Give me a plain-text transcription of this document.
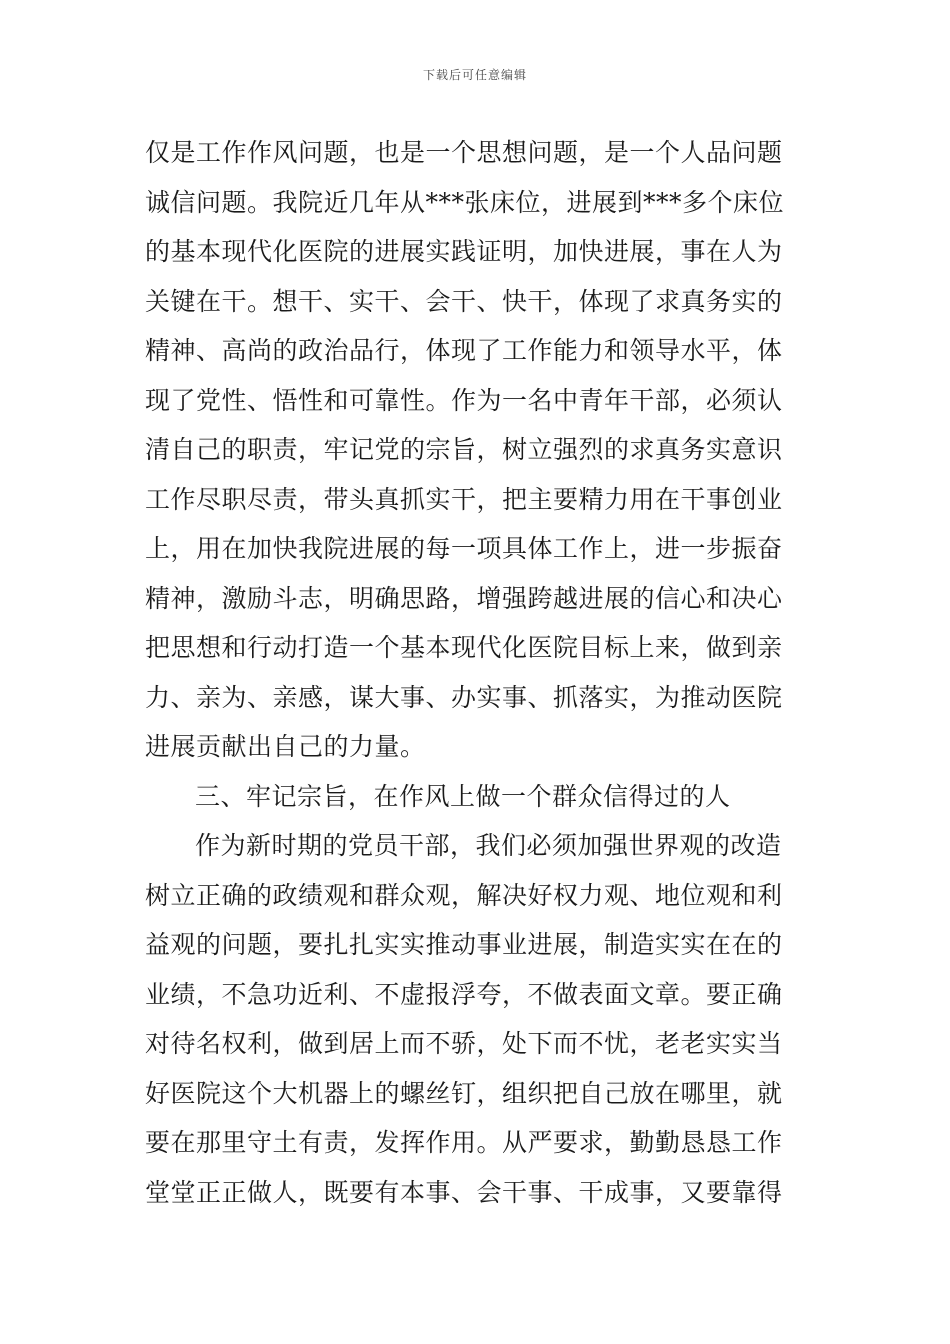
下载后可任意编辑
仅是工作作风问题，也是一个思想问题，是一个人品问题
诚信问题。我院近几年从***张床位，进展到***多个床位
的基本现代化医院的进展实践证明，加快进展，事在人为
关键在干。想干、实干、会干、快干，体现了求真务实的
精神、高尚的政治品行，体现了工作能力和领导水平，体
现了党性、悟性和可靠性。作为一名中青年干部，必须认
清自己的职责，牢记党的宗旨，树立强烈的求真务实意识
工作尽职尽责，带头真抓实干，把主要精力用在干事创业
上，用在加快我院进展的每一项具体工作上，进一步振奋
精神，激励斗志，明确思路，增强跨越进展的信心和决心
把思想和行动打造一个基本现代化医院目标上来，做到亲
力、亲为、亲感，谋大事、办实事、抓落实，为推动医院
进展贡献出自己的力量。
三、牢记宗旨，在作风上做一个群众信得过的人
作为新时期的党员干部，我们必须加强世界观的改造
树立正确的政绩观和群众观，解决好权力观、地位观和利
益观的问题，要扎扎实实推动事业进展，制造实实在在的
业绩，不急功近利、不虚报浮夸，不做表面文章。要正确
对待名权利，做到居上而不骄，处下而不忧，老老实实当
好医院这个大机器上的螺丝钉，组织把自己放在哪里，就
要在那里守土有责，发挥作用。从严要求，勤勤恳恳工作
堂堂正正做人，既要有本事、会干事、干成事，又要靠得
